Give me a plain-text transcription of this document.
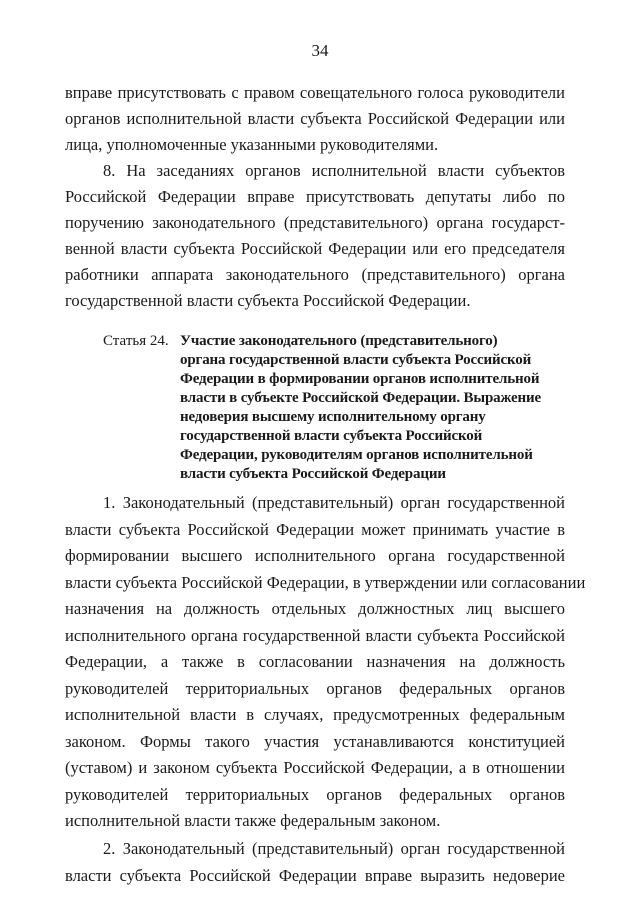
34
вправе присутствовать с правом совещательного голоса руководители
органов исполнительной власти субъекта Российской Федерации или
лица, уполномоченные указанными руководителями.
8. На заседаниях органов исполнительной власти субъектов
Российской Федерации вправе присутствовать депутаты либо по
поручению законодательного (представительного) органа государст-
венной власти субъекта Российской Федерации или его председателя
работники аппарата законодательного (представительного) органа
государственной власти субъекта Российской Федерации.
Статья 24. Участие законодательного (представительного)
органа государственной власти субъекта Российской
Федерации в формировании органов исполнительной
власти в субъекте Российской Федерации. Выражение
недоверия высшему исполнительному органу
государственной власти субъекта Российской
Федерации, руководителям органов исполнительной
власти субъекта Российской Федерации
1. Законодательный (представительный) орган государственной
власти субъекта Российской Федерации может принимать участие в
формировании высшего исполнительного органа государственной
власти субъекта Российской Федерации, в утверждении или согласовании
назначения на должность отдельных должностных лиц высшего
исполнительного органа государственной власти субъекта Российской
Федерации, а также в согласовании назначения на должность
руководителей территориальных органов федеральных органов
исполнительной власти в случаях, предусмотренных федеральным
законом. Формы такого участия устанавливаются конституцией
(уставом) и законом субъекта Российской Федерации, а в отношении
руководителей территориальных органов федеральных органов
исполнительной власти также федеральным законом.
2. Законодательный (представительный) орган государственной
власти субъекта Российской Федерации вправе выразить недоверие
